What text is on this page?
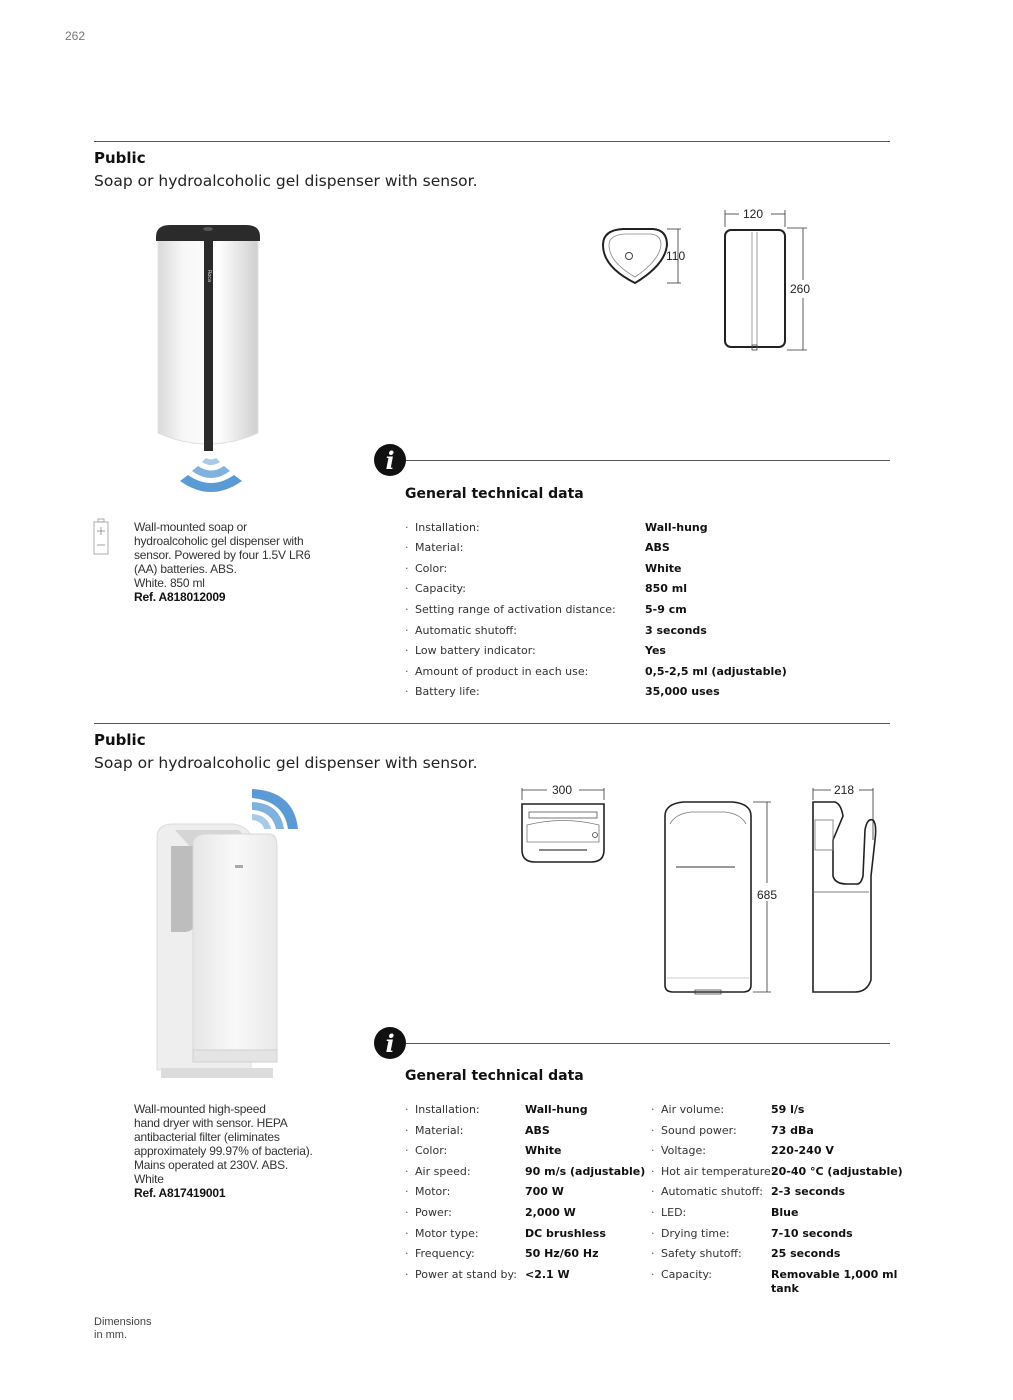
262
Public
Soap or hydroalcoholic gel dispenser with sensor.
Roca
110
120
260
i
General technical data
Wall-mounted soap or
hydroalcoholic gel dispenser with
sensor. Powered by four 1.5V LR6
(AA) batteries. ABS.
White. 850 ml
Ref. A818012009
· Installation:	Wall-hung
· Material:	ABS
· Color:	White
· Capacity:	850 ml
· Setting range of activation distance:	5-9 cm
· Automatic shutoff:	3 seconds
· Low battery indicator:	Yes
· Amount of product in each use:	0,5-2,5 ml (adjustable)
· Battery life:	35,000 uses
Public
Soap or hydroalcoholic gel dispenser with sensor.
300
685
218
i
General technical data
Wall-mounted high-speed
hand dryer with sensor. HEPA
antibacterial filter (eliminates
approximately 99.97% of bacteria).
Mains operated at 230V. ABS.
White
Ref. A817419001
· Installation:	Wall-hung
· Material:	ABS
· Color:	White
· Air speed:	90 m/s (adjustable)
· Motor:	700 W
· Power:	2,000 W
· Motor type:	DC brushless
· Frequency:	50 Hz/60 Hz
· Power at stand by: <2.1 W
· Air volume:	59 l/s
· Sound power:	73 dBa
· Voltage:	220-240 V
· Hot air temperature:
20-40 °C (adjustable)
· Automatic shutoff: 2-3 seconds
· LED:	Blue
· Drying time:	7-10 seconds
· Safety shutoff:	25 seconds
· Capacity:	Removable 1,000 ml
tank
Dimensions
in mm.
